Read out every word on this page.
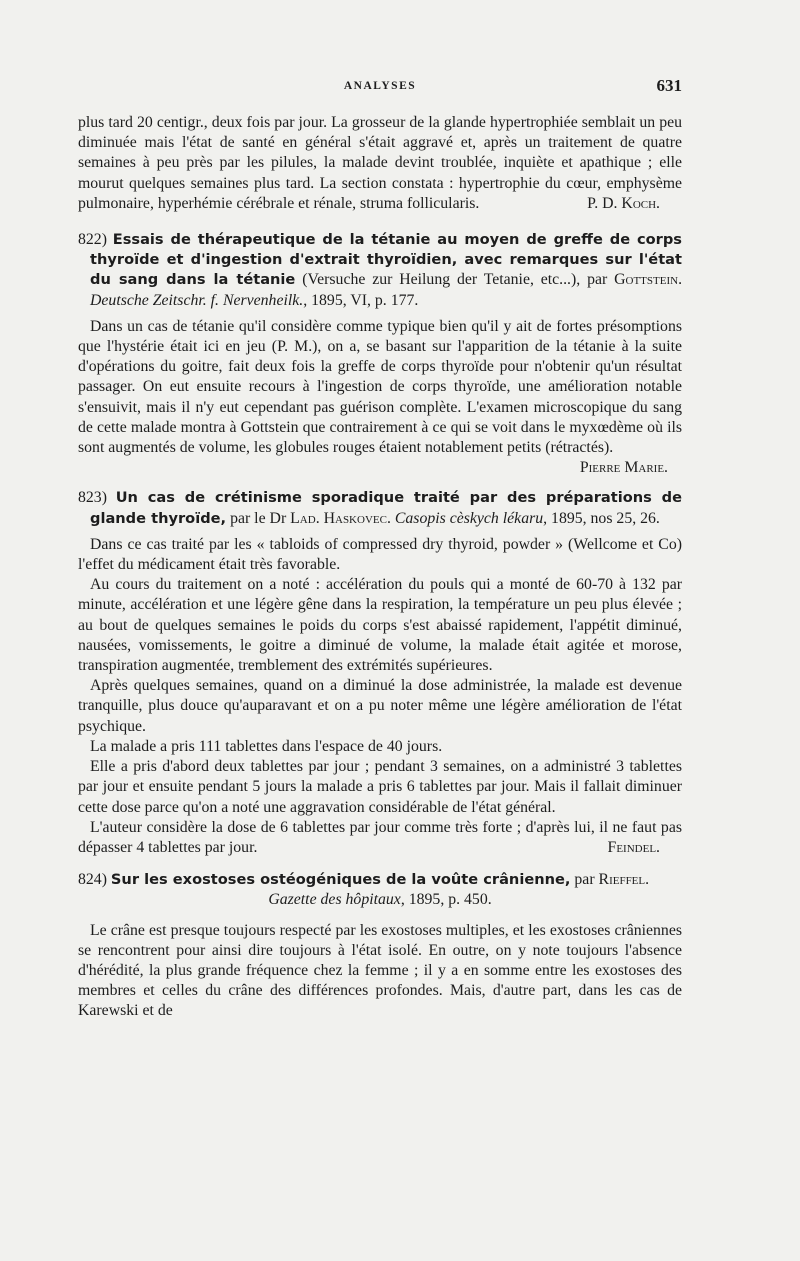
ANALYSES	631

plus tard 20 centigr., deux fois par jour. La grosseur de la glande hypertrophiée semblait un peu diminuée mais l'état de santé en général s'était aggravé et, après un traitement de quatre semaines à peu près par les pilules, la malade devint troublée, inquiète et apathique ; elle mourut quelques semaines plus tard. La section constata : hypertrophie du cœur, emphysème pulmonaire, hyperhémie cérébrale et rénale, struma follicularis.	P. D. Koch.

822) Essais de thérapeutique de la tétanie au moyen de greffe de corps thyroïde et d'ingestion d'extrait thyroïdien, avec remarques sur l'état du sang dans la tétanie (Versuche zur Heilung der Tetanie, etc...), par Gottstein. Deutsche Zeitschr. f. Nervenheilk., 1895, VI, p. 177.

Dans un cas de tétanie qu'il considère comme typique bien qu'il y ait de fortes présomptions que l'hystérie était ici en jeu (P. M.), on a, se basant sur l'apparition de la tétanie à la suite d'opérations du goitre, fait deux fois la greffe de corps thyroïde pour n'obtenir qu'un résultat passager. On eut ensuite recours à l'ingestion de corps thyroïde, une amélioration notable s'ensuivit, mais il n'y eut cependant pas guérison complète. L'examen microscopique du sang de cette malade montra à Gottstein que contrairement à ce qui se voit dans le myxœdème où ils sont augmentés de volume, les globules rouges étaient notablement petits (rétractés).

Pierre Marie.

823) Un cas de crétinisme sporadique traité par des préparations de glande thyroïde, par le Dr Lad. Haskovec. Casopis cèskych lékaru, 1895, nos 25, 26.

Dans ce cas traité par les « tabloids of compressed dry thyroid, powder » (Wellcome et Co) l'effet du médicament était très favorable.

Au cours du traitement on a noté : accélération du pouls qui a monté de 60-70 à 132 par minute, accélération et une légère gêne dans la respiration, la température un peu plus élevée ; au bout de quelques semaines le poids du corps s'est abaissé rapidement, l'appétit diminué, nausées, vomissements, le goitre a diminué de volume, la malade était agitée et morose, transpiration augmentée, tremblement des extrémités supérieures.

Après quelques semaines, quand on a diminué la dose administrée, la malade est devenue tranquille, plus douce qu'auparavant et on a pu noter même une légère amélioration de l'état psychique.

La malade a pris 111 tablettes dans l'espace de 40 jours.

Elle a pris d'abord deux tablettes par jour ; pendant 3 semaines, on a administré 3 tablettes par jour et ensuite pendant 5 jours la malade a pris 6 tablettes par jour. Mais il fallait diminuer cette dose parce qu'on a noté une aggravation considérable de l'état général.

L'auteur considère la dose de 6 tablettes par jour comme très forte ; d'après lui, il ne faut pas dépasser 4 tablettes par jour.	Feindel.

824) Sur les exostoses ostéogéniques de la voûte crânienne, par Rieffel.
Gazette des hôpitaux, 1895, p. 450.

Le crâne est presque toujours respecté par les exostoses multiples, et les exostoses crâniennes se rencontrent pour ainsi dire toujours à l'état isolé. En outre, on y note toujours l'absence d'hérédité, la plus grande fréquence chez la femme ; il y a en somme entre les exostoses des membres et celles du crâne des différences profondes. Mais, d'autre part, dans les cas de Karewski et de
